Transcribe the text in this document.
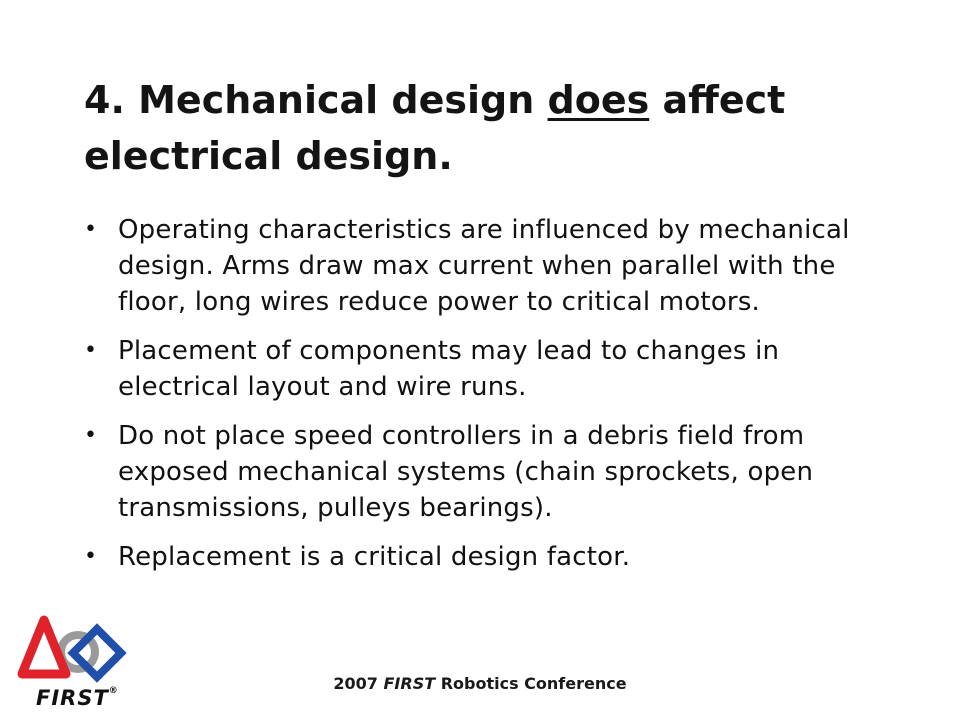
4. Mechanical design does affect electrical design.
• Operating characteristics are influenced by mechanical design. Arms draw max current when parallel with the floor, long wires reduce power to critical motors.
• Placement of components may lead to changes in electrical layout and wire runs.
• Do not place speed controllers in a debris field from exposed mechanical systems (chain sprockets, open transmissions, pulleys bearings).
• Replacement is a critical design factor.
FIRST®	2007 FIRST Robotics Conference
